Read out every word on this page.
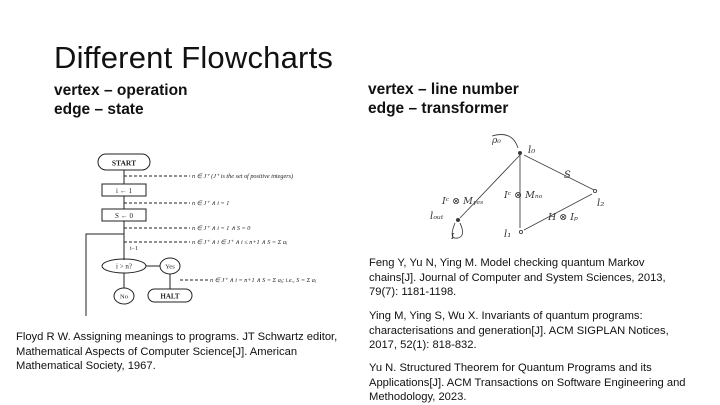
Different Flowcharts
vertex – operation
edge – state
vertex – line number
edge – transformer
START
i ← 1
S ← 0
i−1
i > n?	Yes
HALT
No
n ∈ J⁺ (J⁺ is the set of positive integers)
n ∈ J⁺ ∧ i = 1
n ∈ J⁺ ∧ i = 1 ∧ S = 0
n ∈ J⁺ ∧ i ∈ J⁺ ∧ i ≤ n+1 ∧ S = Σ aⱼ
n ∈ J⁺ ∧ i = n+1 ∧ S = Σ aⱼ; i.e., S = Σ aⱼ
ρ₀
l₀
S
Iᶜ ⊗ Mᵧₑₛ
Iᶜ ⊗ Mₙₒ
H ⊗ Iₚ
l₂
l₁
lₒᵤₜ
I
Floyd R W. Assigning meanings to programs. JT Schwartz editor,
Mathematical Aspects of Computer Science[J]. American
Mathematical Society, 1967.
Feng Y, Yu N, Ying M. Model checking quantum Markov
chains[J]. Journal of Computer and System Sciences, 2013,
79(7): 1181-1198.
Ying M, Ying S, Wu X. Invariants of quantum programs:
characterisations and generation[J]. ACM SIGPLAN Notices,
2017, 52(1): 818-832.
Yu N. Structured Theorem for Quantum Programs and its
Applications[J]. ACM Transactions on Software Engineering and
Methodology, 2023.
